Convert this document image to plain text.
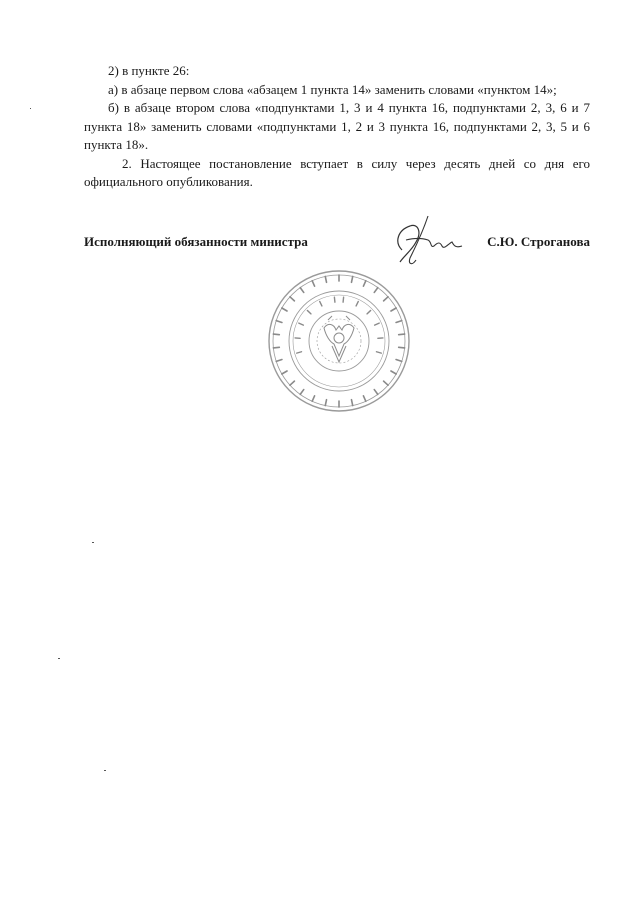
2) в пункте 26:

а) в абзаце первом слова «абзацем 1 пункта 14» заменить словами «пунктом 14»;

б) в абзаце втором слова «подпунктами 1, 3 и 4 пункта 16, подпунктами 2, 3, 6 и 7 пункта 18» заменить словами «подпунктами 1, 2 и 3 пункта 16, подпунктами 2, 3, 5 и 6 пункта 18».

2. Настоящее постановление вступает в силу через десять дней со дня его официального опубликования.

Исполняющий обязанности министра	С.Ю. Строганова
